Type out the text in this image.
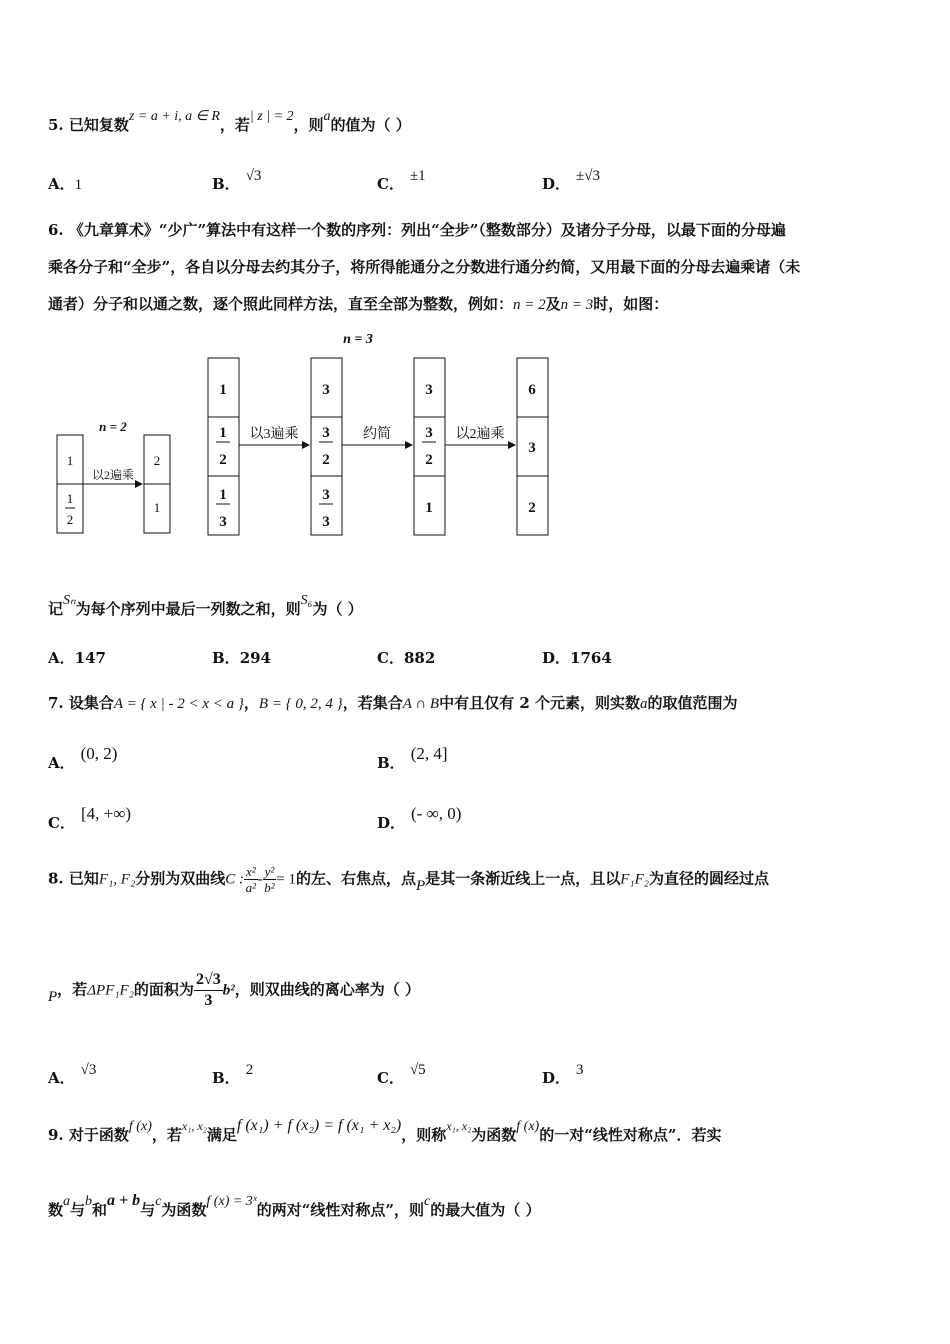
5. 已知复数z = a + i, a ∈ R，若| z | = 2，则a的值为（ ）
A．1	B． √3	C． ±1	D． ±√3
6. 《九章算术》“少广”算法中有这样一个数的序列：列出“全步”（整数部分）及诸分子分母，以最下面的分母遍
乘各分子和“全步”，各自以分母去约其分子，将所得能通分之分数进行通分约简，又用最下面的分母去遍乘诸（未
通者）分子和以通之数，逐个照此同样方法，直至全部为整数，例如：n = 2及n = 3时，如图：
n = 3
n = 2
1
1
2
2
1
以2遍乘
1
1
2
1
3
3
3
2
3
3
3
3
2
1
6
3
2
以3遍乘	约简	以2遍乘
记Sₙ为每个序列中最后一列数之和，则S₆为（ ）
A．147	B．294	C．882	D．1764
7. 设集合A = { x | - 2 < x < a }，B = { 0, 2, 4 }，若集合A ∩ B中有且仅有 2 个元素，则实数a的取值范围为
A． (0, 2)	B． (2, 4]
C． [4, +∞)	D． (- ∞, 0)
8. 已知F₁, F₂分别为双曲线C : $\frac{\text{x²}}{\text{a²}} - \frac{\text{y²}}{\text{b²}} = 1$的左、右焦点，点P是其一条渐近线上一点，且以F₁F₂为直径的圆经过点
P，若ΔPF₁F₂的面积为 $\frac{2√3}{3} b^2$，则双曲线的离心率为（ ）
A． √3	B． 2	C． √5	D． 3
9. 对于函数f (x)，若$^{x_1, x_2}$满足f (x₁) + f (x₂) = f (x₁ + x₂)，则称$^{x_1, x_2}$为函数f (x)的一对“线性对称点”．若实
数a与b和a + b与c为函数f (x) = 3ˣ的两对“线性对称点”，则c的最大值为（ ）
